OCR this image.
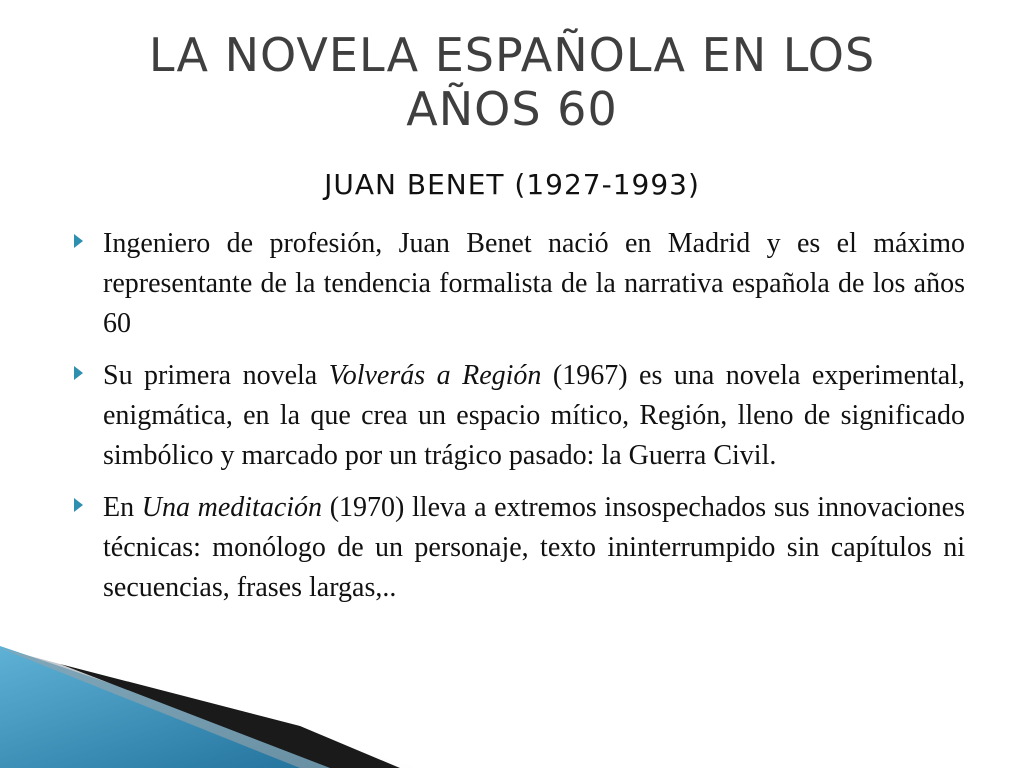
LA NOVELA ESPAÑOLA EN LOS
AÑOS 60
JUAN BENET (1927-1993)
Ingeniero de profesión, Juan Benet nació en Madrid y es el máximo representante de la tendencia formalista de la narrativa española de los años 60
Su primera novela Volverás a Región (1967) es una novela experimental, enigmática, en la que crea un espacio mítico, Región, lleno de significado simbólico y marcado por un trágico pasado: la Guerra Civil.
En Una meditación (1970) lleva a extremos insospechados sus innovaciones técnicas: monólogo de un personaje, texto ininterrumpido sin capítulos ni secuencias, frases largas,..
